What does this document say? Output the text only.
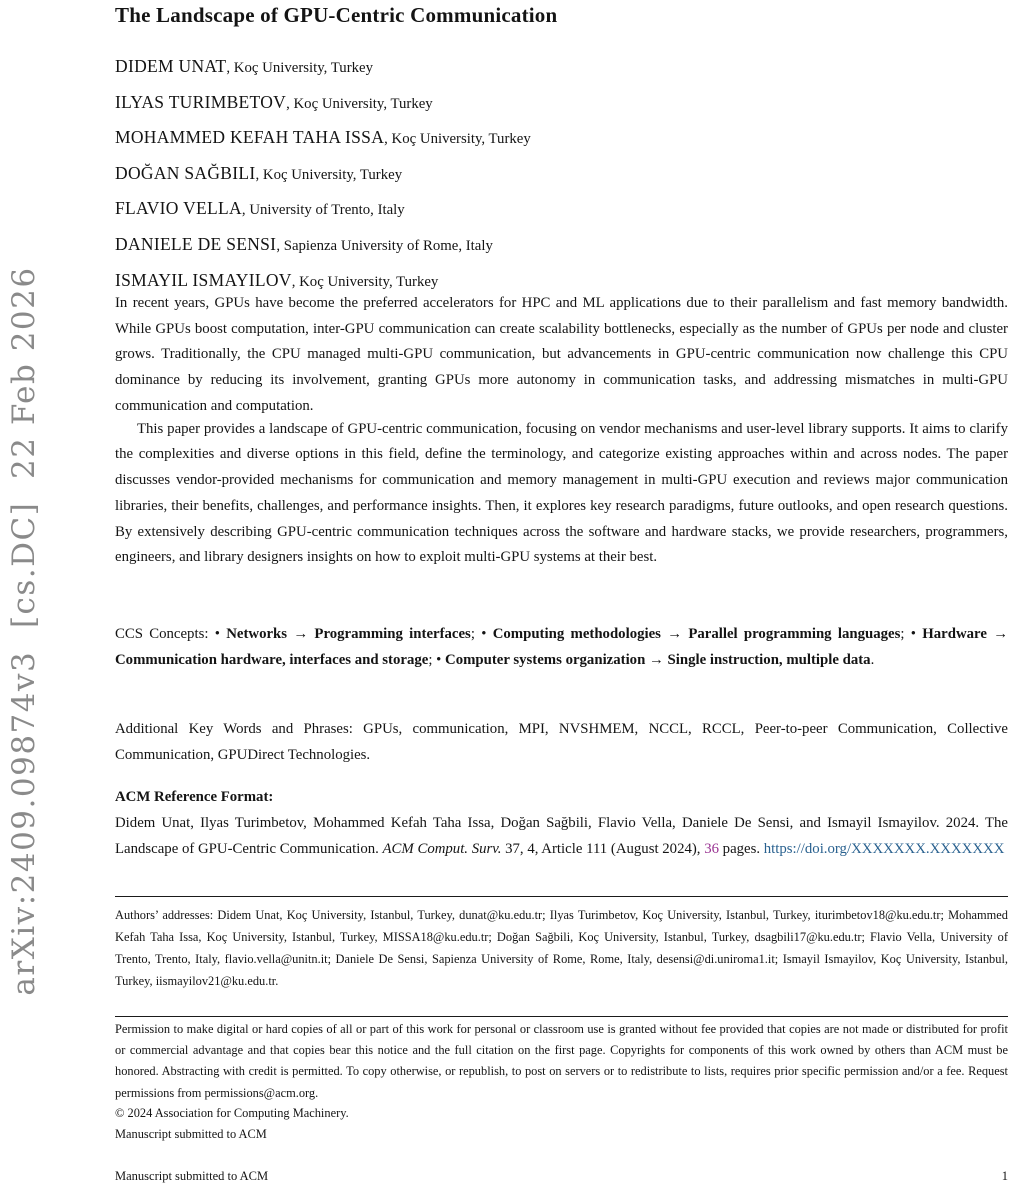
arXiv:2409.09874v3  [cs.DC]  22 Feb 2026
The Landscape of GPU-Centric Communication
DIDEM UNAT, Koç University, Turkey
ILYAS TURIMBETOV, Koç University, Turkey
MOHAMMED KEFAH TAHA ISSA, Koç University, Turkey
DOĞAN SAĞBILI, Koç University, Turkey
FLAVIO VELLA, University of Trento, Italy
DANIELE DE SENSI, Sapienza University of Rome, Italy
ISMAYIL ISMAYILOV, Koç University, Turkey

In recent years, GPUs have become the preferred accelerators for HPC and ML applications due to their parallelism and fast memory bandwidth. While GPUs boost computation, inter-GPU communication can create scalability bottlenecks, especially as the number of GPUs per node and cluster grows. Traditionally, the CPU managed multi-GPU communication, but advancements in GPU-centric communication now challenge this CPU dominance by reducing its involvement, granting GPUs more autonomy in communication tasks, and addressing mismatches in multi-GPU communication and computation.

This paper provides a landscape of GPU-centric communication, focusing on vendor mechanisms and user-level library supports. It aims to clarify the complexities and diverse options in this field, define the terminology, and categorize existing approaches within and across nodes. The paper discusses vendor-provided mechanisms for communication and memory management in multi-GPU execution and reviews major communication libraries, their benefits, challenges, and performance insights. Then, it explores key research paradigms, future outlooks, and open research questions. By extensively describing GPU-centric communication techniques across the software and hardware stacks, we provide researchers, programmers, engineers, and library designers insights on how to exploit multi-GPU systems at their best.

CCS Concepts: • Networks → Programming interfaces; • Computing methodologies → Parallel programming languages; • Hardware → Communication hardware, interfaces and storage; • Computer systems organization → Single instruction, multiple data.

Additional Key Words and Phrases: GPUs, communication, MPI, NVSHMEM, NCCL, RCCL, Peer-to-peer Communication, Collective Communication, GPUDirect Technologies.

ACM Reference Format:

Didem Unat, Ilyas Turimbetov, Mohammed Kefah Taha Issa, Doğan Sağbili, Flavio Vella, Daniele De Sensi, and Ismayil Ismayilov. 2024. The Landscape of GPU-Centric Communication. ACM Comput. Surv. 37, 4, Article 111 (August 2024), 36 pages. https://doi.org/XXXXXXX.XXXXXXX

Authors’ addresses: Didem Unat, Koç University, Istanbul, Turkey, dunat@ku.edu.tr; Ilyas Turimbetov, Koç University, Istanbul, Turkey, iturimbetov18@ku.edu.tr; Mohammed Kefah Taha Issa, Koç University, Istanbul, Turkey, MISSA18@ku.edu.tr; Doğan Sağbili, Koç University, Istanbul, Turkey, dsagbili17@ku.edu.tr; Flavio Vella, University of Trento, Trento, Italy, flavio.vella@unitn.it; Daniele De Sensi, Sapienza University of Rome, Rome, Italy, desensi@di.uniroma1.it; Ismayil Ismayilov, Koç University, Istanbul, Turkey, iismayilov21@ku.edu.tr.

Permission to make digital or hard copies of all or part of this work for personal or classroom use is granted without fee provided that copies are not made or distributed for profit or commercial advantage and that copies bear this notice and the full citation on the first page. Copyrights for components of this work owned by others than ACM must be honored. Abstracting with credit is permitted. To copy otherwise, or republish, to post on servers or to redistribute to lists, requires prior specific permission and/or a fee. Request permissions from permissions@acm.org.

© 2024 Association for Computing Machinery.

Manuscript submitted to ACM

Manuscript submitted to ACM	1
